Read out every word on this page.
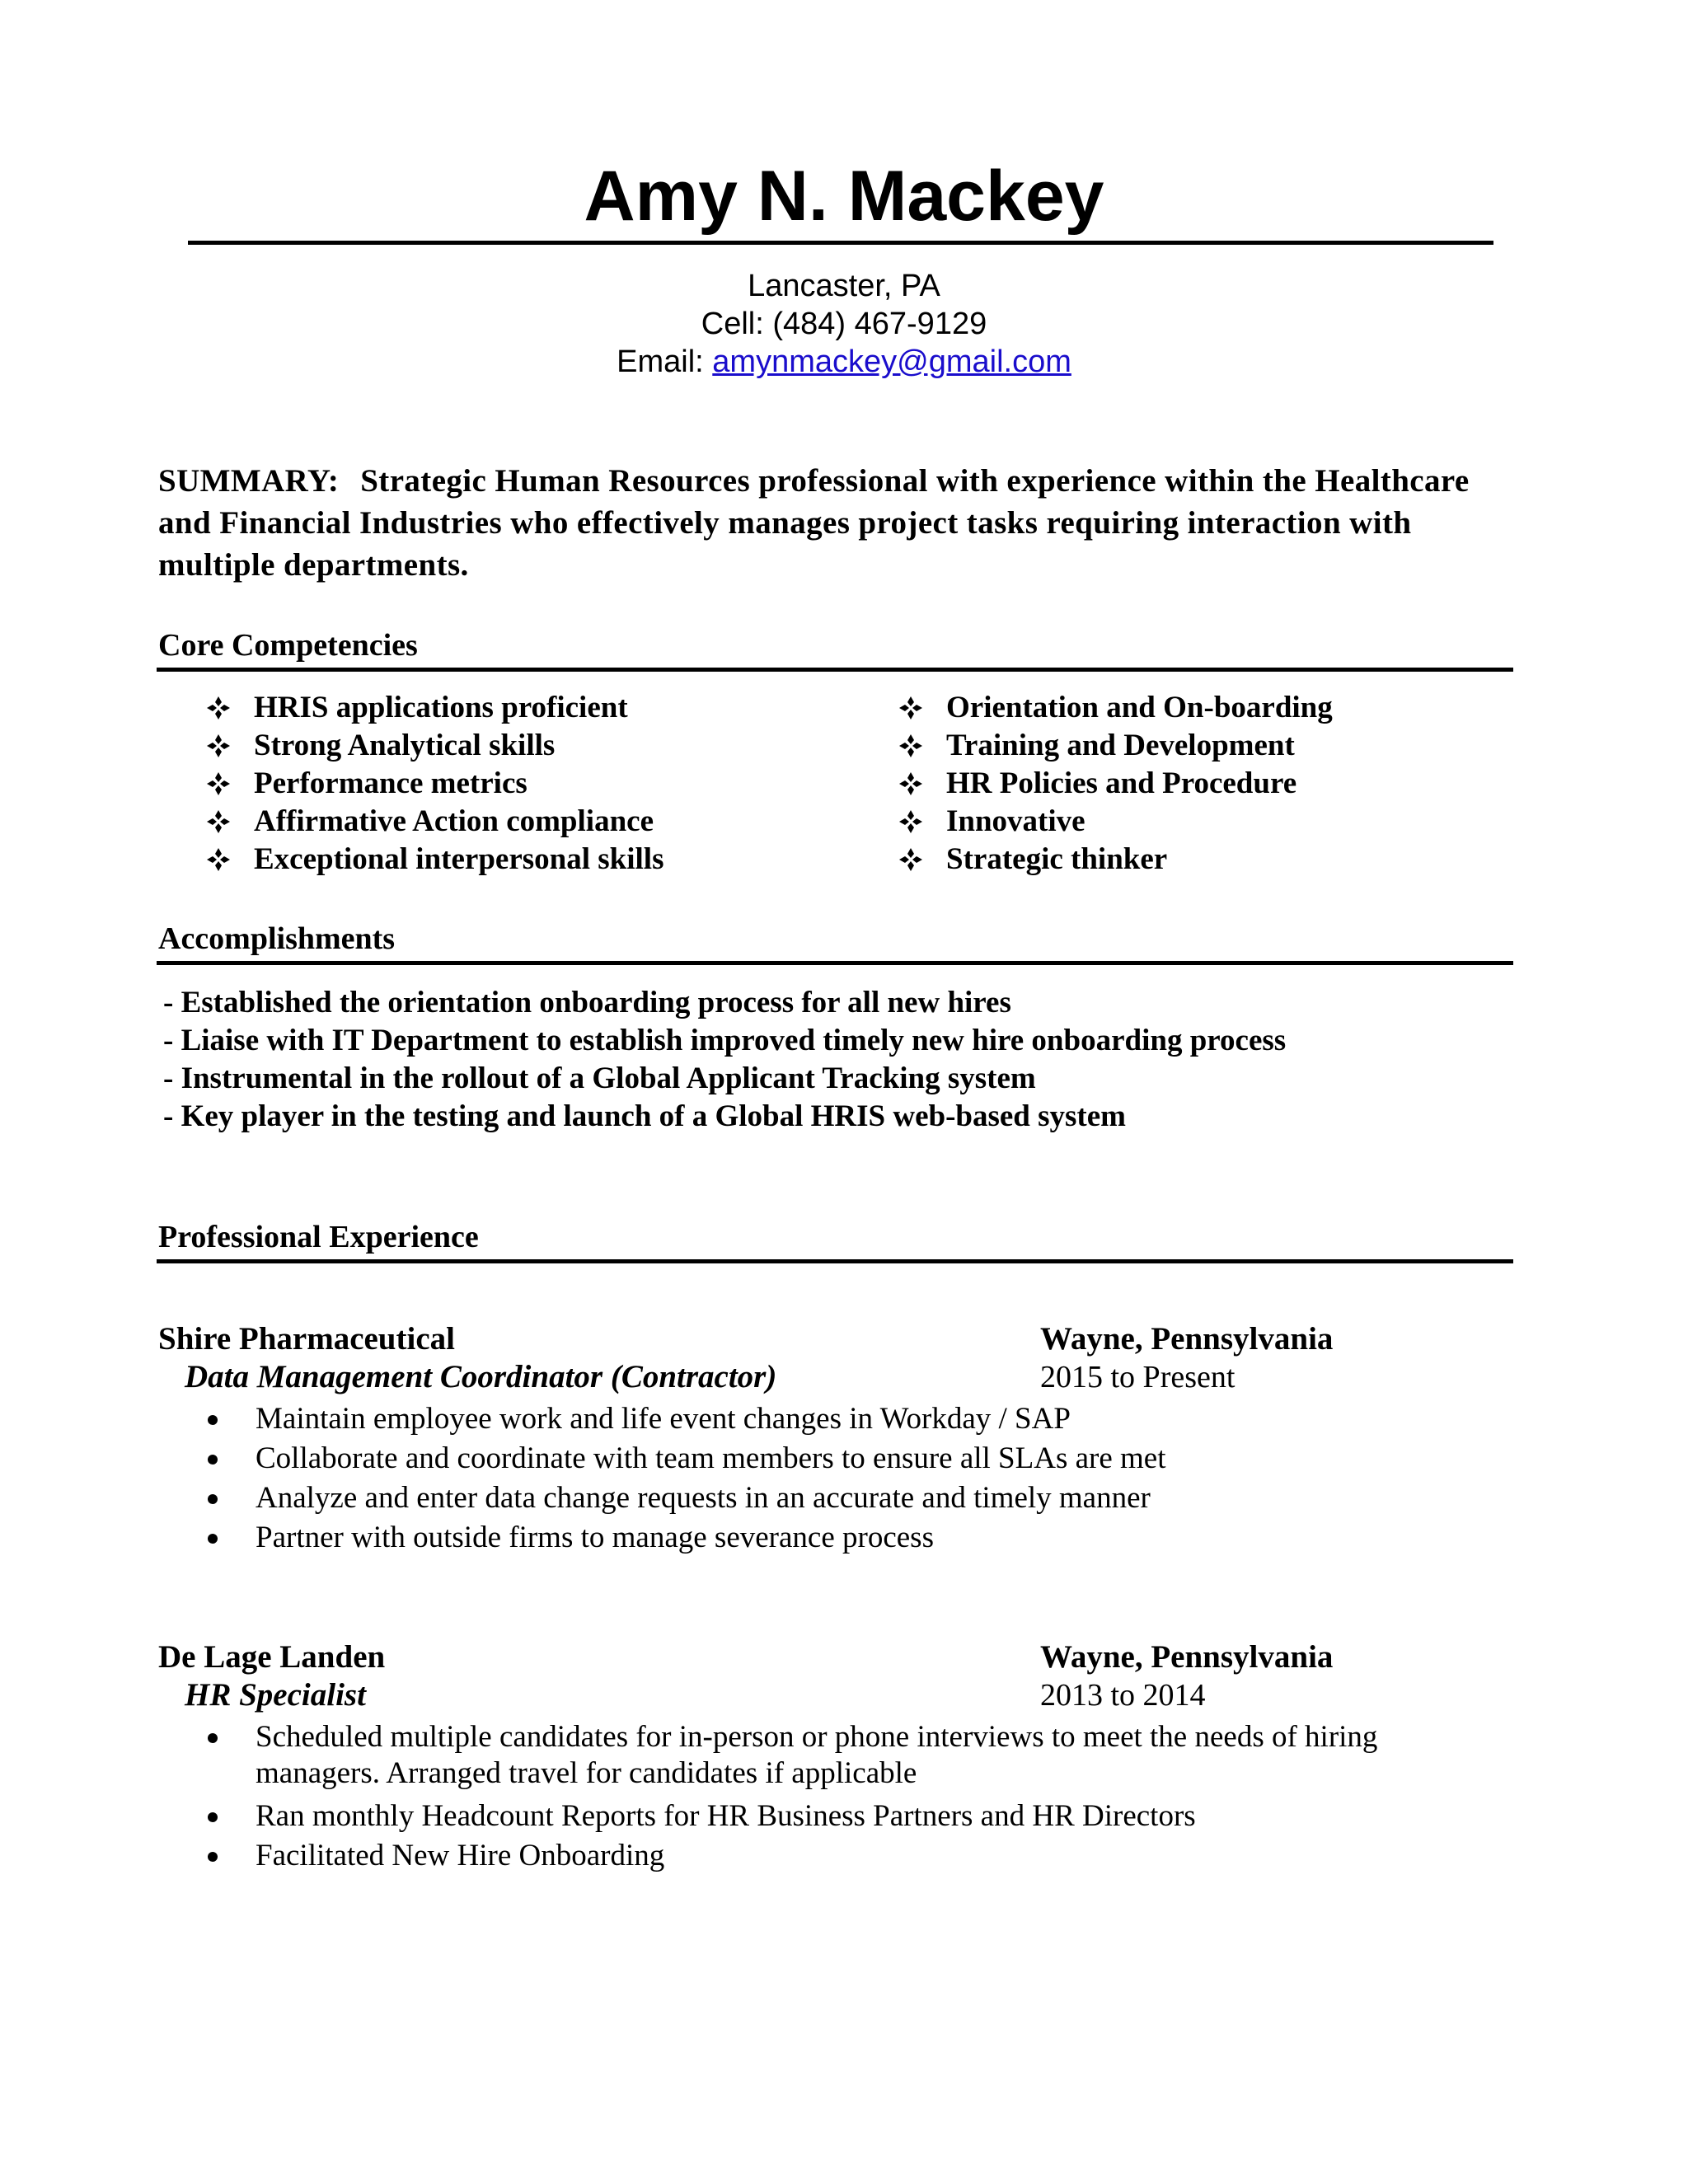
Amy N. Mackey
Lancaster, PA
Cell: (484) 467-9129
Email: amynmackey@gmail.com

SUMMARY: Strategic Human Resources professional with experience within the Healthcare and Financial Industries who effectively manages project tasks requiring interaction with multiple departments.

Core Competencies
HRIS applications proficient
Strong Analytical skills
Performance metrics
Affirmative Action compliance
Exceptional interpersonal skills
Orientation and On-boarding
Training and Development
HR Policies and Procedure
Innovative
Strategic thinker
Accomplishments
- Established the orientation onboarding process for all new hires
- Liaise with IT Department to establish improved timely new hire onboarding process
- Instrumental in the rollout of a Global Applicant Tracking system
- Key player in the testing and launch of a Global HRIS web-based system
Professional Experience
Shire Pharmaceutical	Wayne, Pennsylvania
Data Management Coordinator (Contractor)	2015 to Present
Maintain employee work and life event changes in Workday / SAP
Collaborate and coordinate with team members to ensure all SLAs are met
Analyze and enter data change requests in an accurate and timely manner
Partner with outside firms to manage severance process
De Lage Landen	Wayne, Pennsylvania
HR Specialist	2013 to 2014
Scheduled multiple candidates for in-person or phone interviews to meet the needs of hiring managers. Arranged travel for candidates if applicable
Ran monthly Headcount Reports for HR Business Partners and HR Directors
Facilitated New Hire Onboarding
